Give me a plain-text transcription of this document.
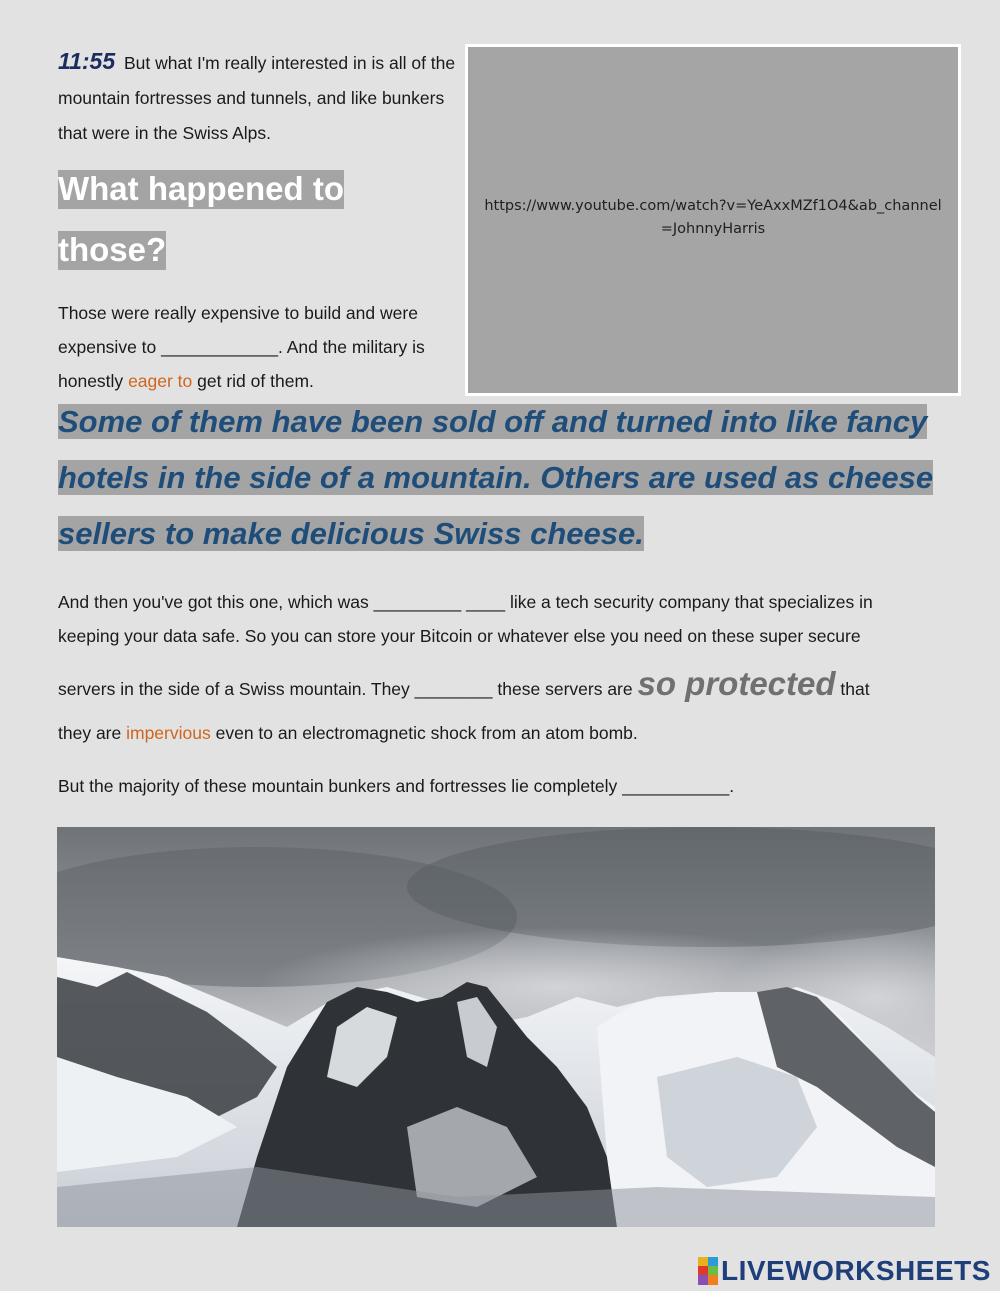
11:55 But what I'm really interested in is all of the mountain fortresses and tunnels, and like bunkers that were in the Swiss Alps.
What happened to
those?
https://www.youtube.com/watch?v=YeAxxMZf1O4&ab_channel=JohnnyHarris
Those were really expensive to build and were expensive to ____________. And the military is honestly eager to get rid of them.
Some of them have been sold off and turned into like fancy hotels in the side of a mountain. Others are used as cheese sellers to make delicious Swiss cheese.
And then you've got this one, which was _________ ____ like a tech security company that specializes in
keeping your data safe. So you can store your Bitcoin or whatever else you need on these super secure
servers in the side of a Swiss mountain. They ________ these servers are so protected that
they are impervious even to an electromagnetic shock from an atom bomb.
But the majority of these mountain bunkers and fortresses lie completely ___________.
LIVEWORKSHEETS
